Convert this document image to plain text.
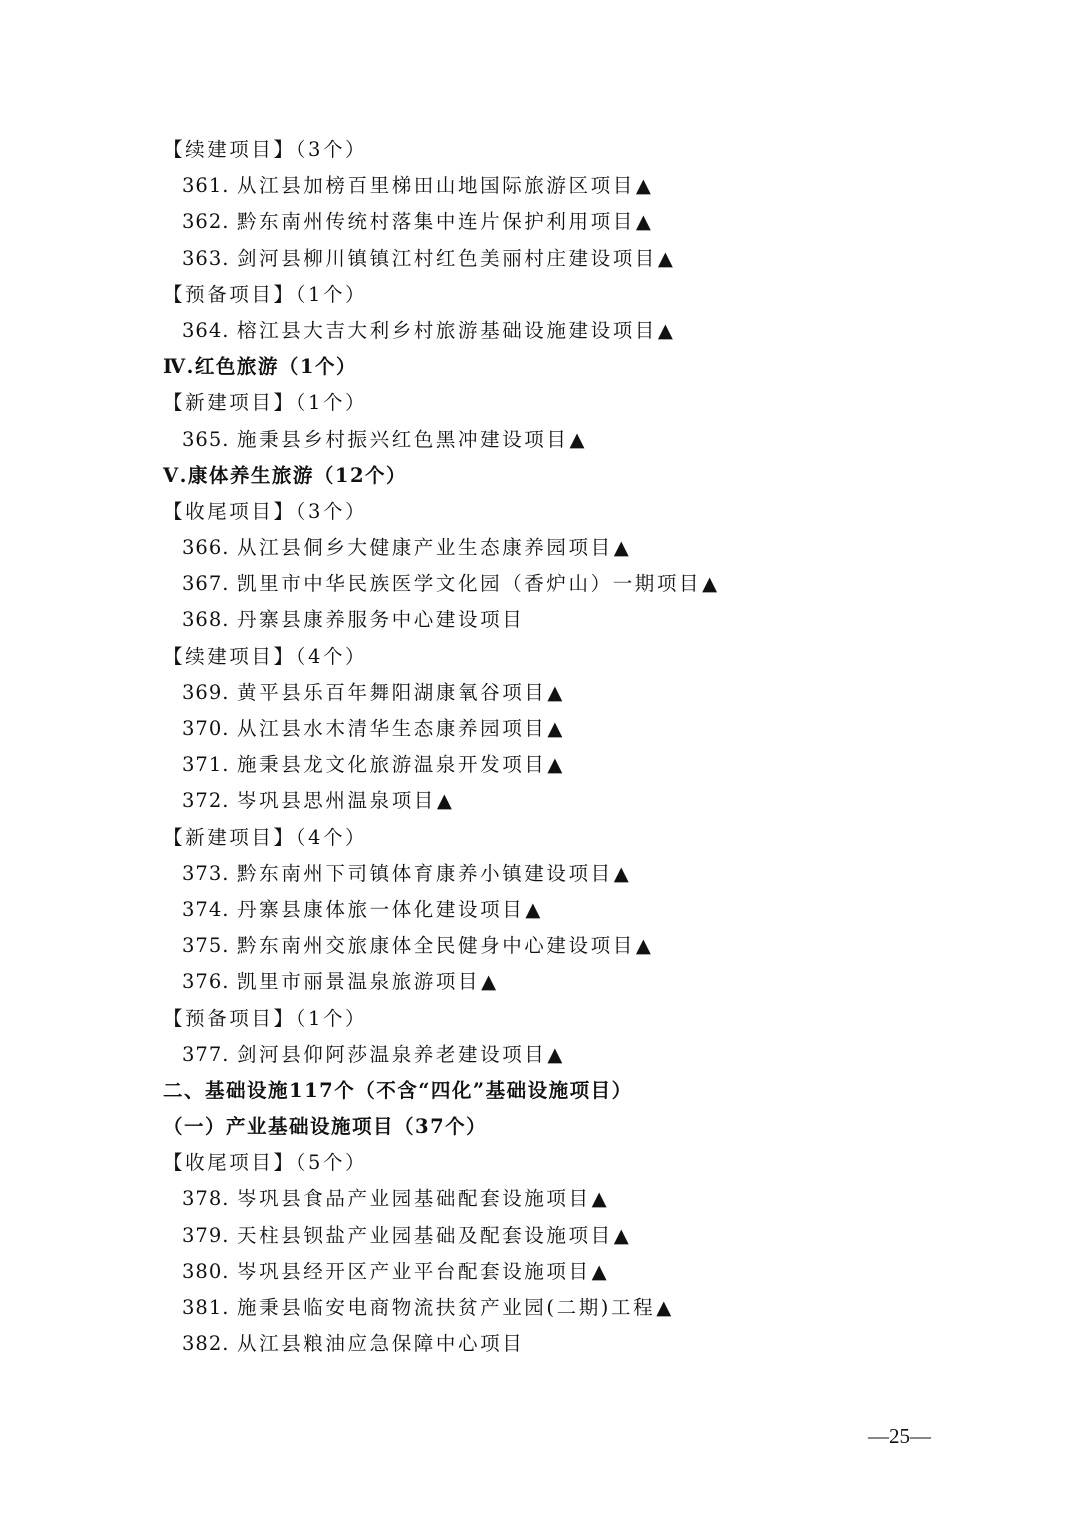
【续建项目】（3个）
361. 从江县加榜百里梯田山地国际旅游区项目▲
362. 黔东南州传统村落集中连片保护利用项目▲
363. 剑河县柳川镇镇江村红色美丽村庄建设项目▲
【预备项目】（1个）
364. 榕江县大吉大利乡村旅游基础设施建设项目▲
Ⅳ.红色旅游（1个）
【新建项目】（1个）
365. 施秉县乡村振兴红色黑冲建设项目▲
Ⅴ.康体养生旅游（12个）
【收尾项目】（3个）
366. 从江县侗乡大健康产业生态康养园项目▲
367. 凯里市中华民族医学文化园（香炉山）一期项目▲
368. 丹寨县康养服务中心建设项目
【续建项目】（4个）
369. 黄平县乐百年舞阳湖康氧谷项目▲
370. 从江县水木清华生态康养园项目▲
371. 施秉县龙文化旅游温泉开发项目▲
372. 岑巩县思州温泉项目▲
【新建项目】（4个）
373. 黔东南州下司镇体育康养小镇建设项目▲
374. 丹寨县康体旅一体化建设项目▲
375. 黔东南州交旅康体全民健身中心建设项目▲
376. 凯里市丽景温泉旅游项目▲
【预备项目】（1个）
377. 剑河县仰阿莎温泉养老建设项目▲
二、基础设施117个（不含“四化”基础设施项目）
（一）产业基础设施项目（37个）
【收尾项目】（5个）
378. 岑巩县食品产业园基础配套设施项目▲
379. 天柱县钡盐产业园基础及配套设施项目▲
380. 岑巩县经开区产业平台配套设施项目▲
381. 施秉县临安电商物流扶贫产业园(二期)工程▲
382. 从江县粮油应急保障中心项目
—25—
